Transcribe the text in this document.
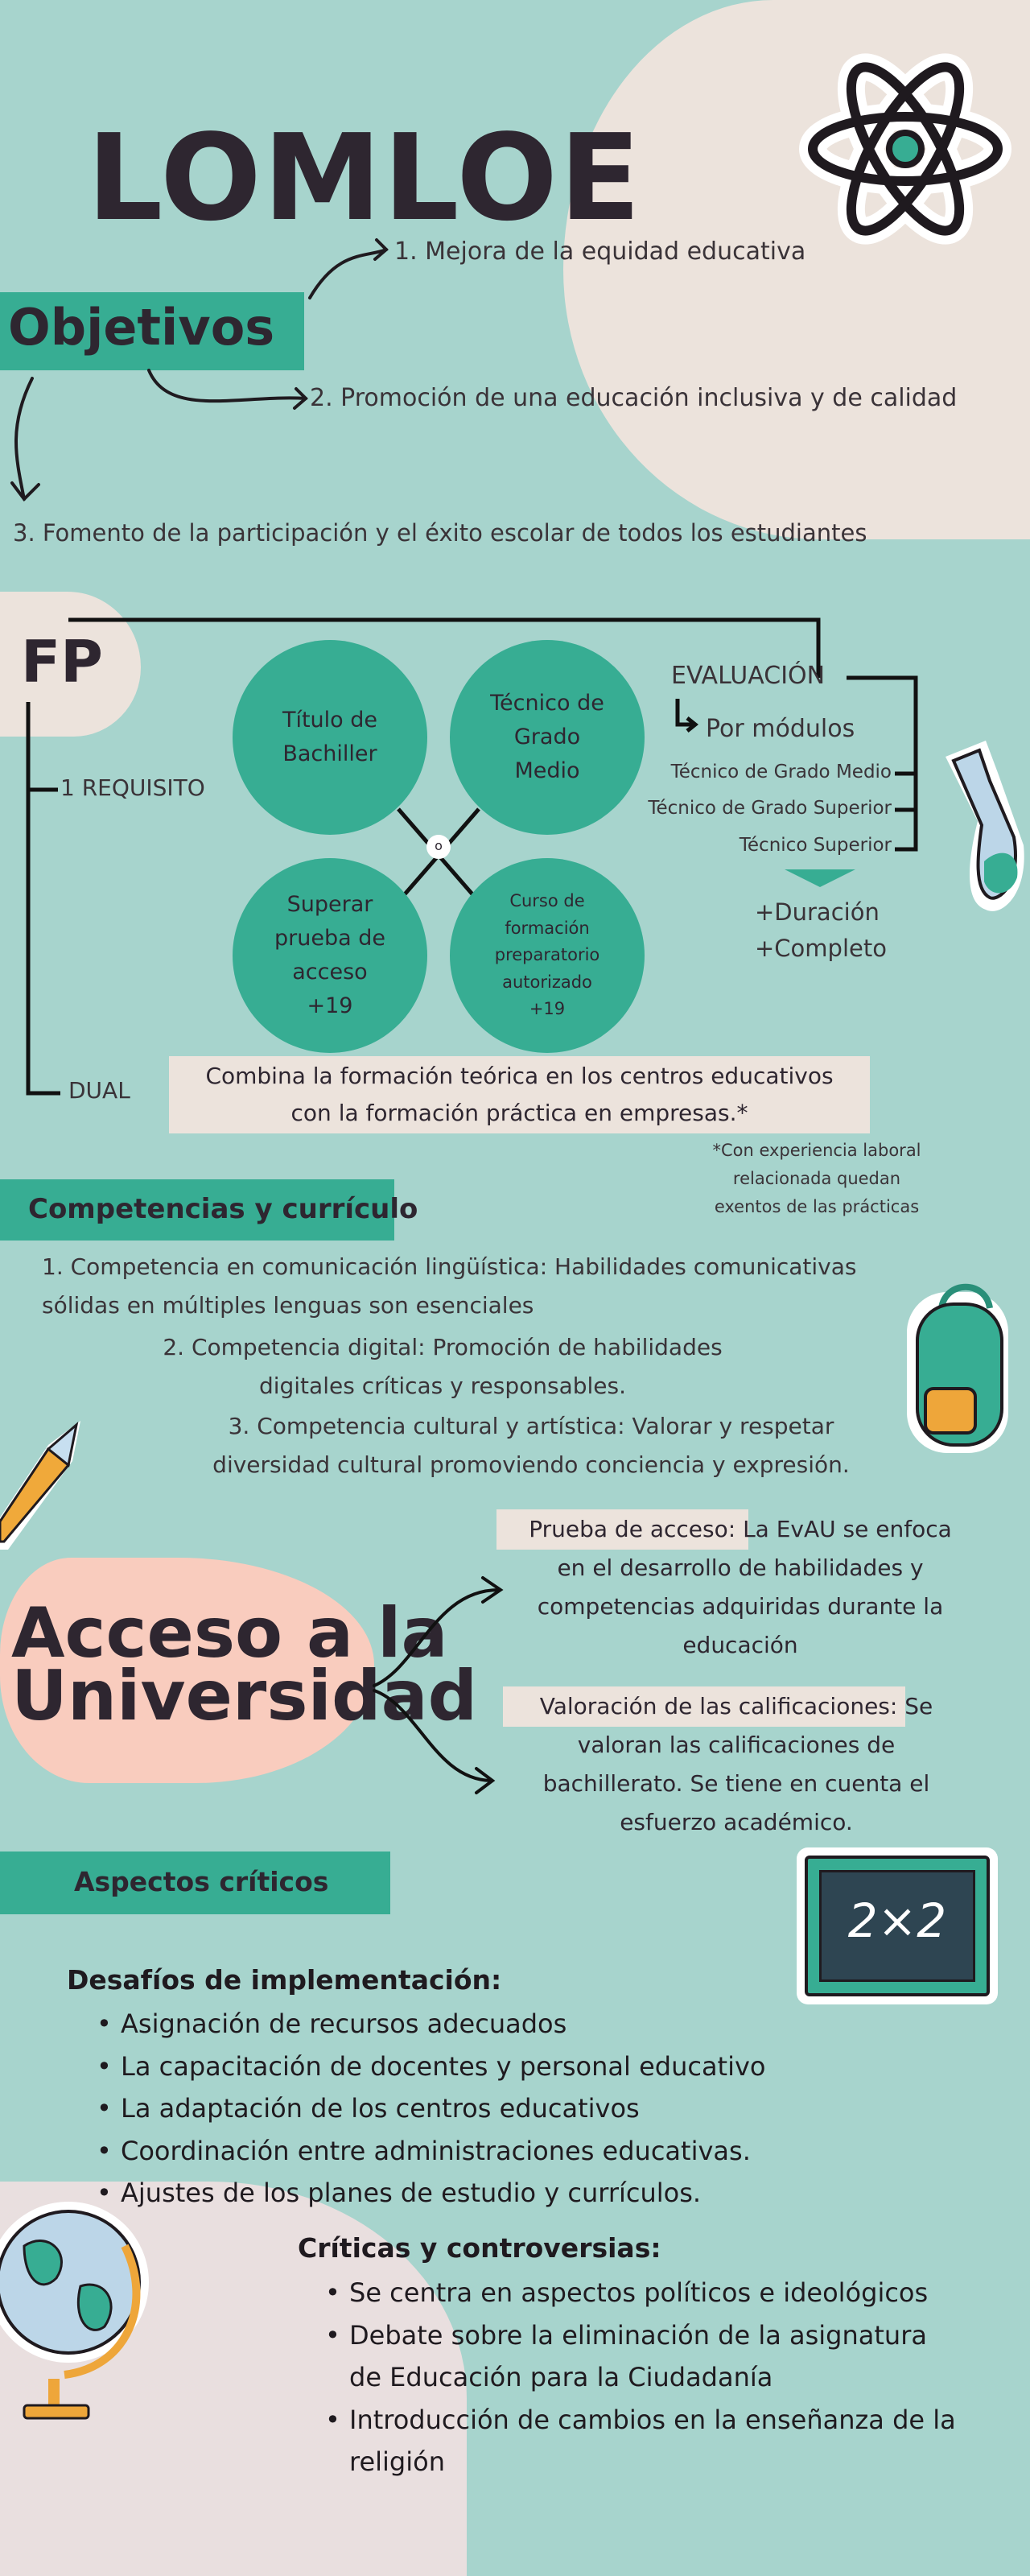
LOMLOE
Objetivos
1. Mejora de la equidad educativa
2. Promoción de una educación inclusiva y de calidad
3. Fomento de la participación y el éxito escolar de todos los estudiantes
FP
1 REQUISITO
DUAL
Título de
Bachiller
Técnico de
Grado
Medio
Superar
prueba de
acceso
+19
Curso de
formación
preparatorio
autorizado
+19
o
EVALUACIÓN
Por módulos
Técnico de Grado Medio
Técnico de Grado Superior
Técnico Superior
+Duración
+Completo
Combina la formación teórica en los centros educativos
con la formación práctica en empresas.*
*Con experiencia laboral
relacionada quedan
exentos de las prácticas
Competencias y currículo
1. Competencia en comunicación lingüística: Habilidades comunicativas
sólidas en múltiples lenguas son esenciales
2. Competencia digital: Promoción de habilidades
digitales críticas y responsables.
3. Competencia cultural y artística: Valorar y respetar
diversidad cultural promoviendo conciencia y expresión.
Acceso a la
Universidad
Prueba de acceso: La EvAU se enfoca
en el desarrollo de habilidades y
competencias adquiridas durante la
educación
Valoración de las calificaciones: Se
valoran las calificaciones de
bachillerato. Se tiene en cuenta el
esfuerzo académico.
Aspectos críticos
2×2
Desafíos de implementación:
• Asignación de recursos adecuados
• La capacitación de docentes y personal educativo
• La adaptación de los centros educativos
• Coordinación entre administraciones educativas.
• Ajustes de los planes de estudio y currículos.
Críticas y controversias:
• Se centra en aspectos políticos e ideológicos
• Debate sobre la eliminación de la asignatura de Educación para la Ciudadanía
• Introducción de cambios en la enseñanza de la religión
